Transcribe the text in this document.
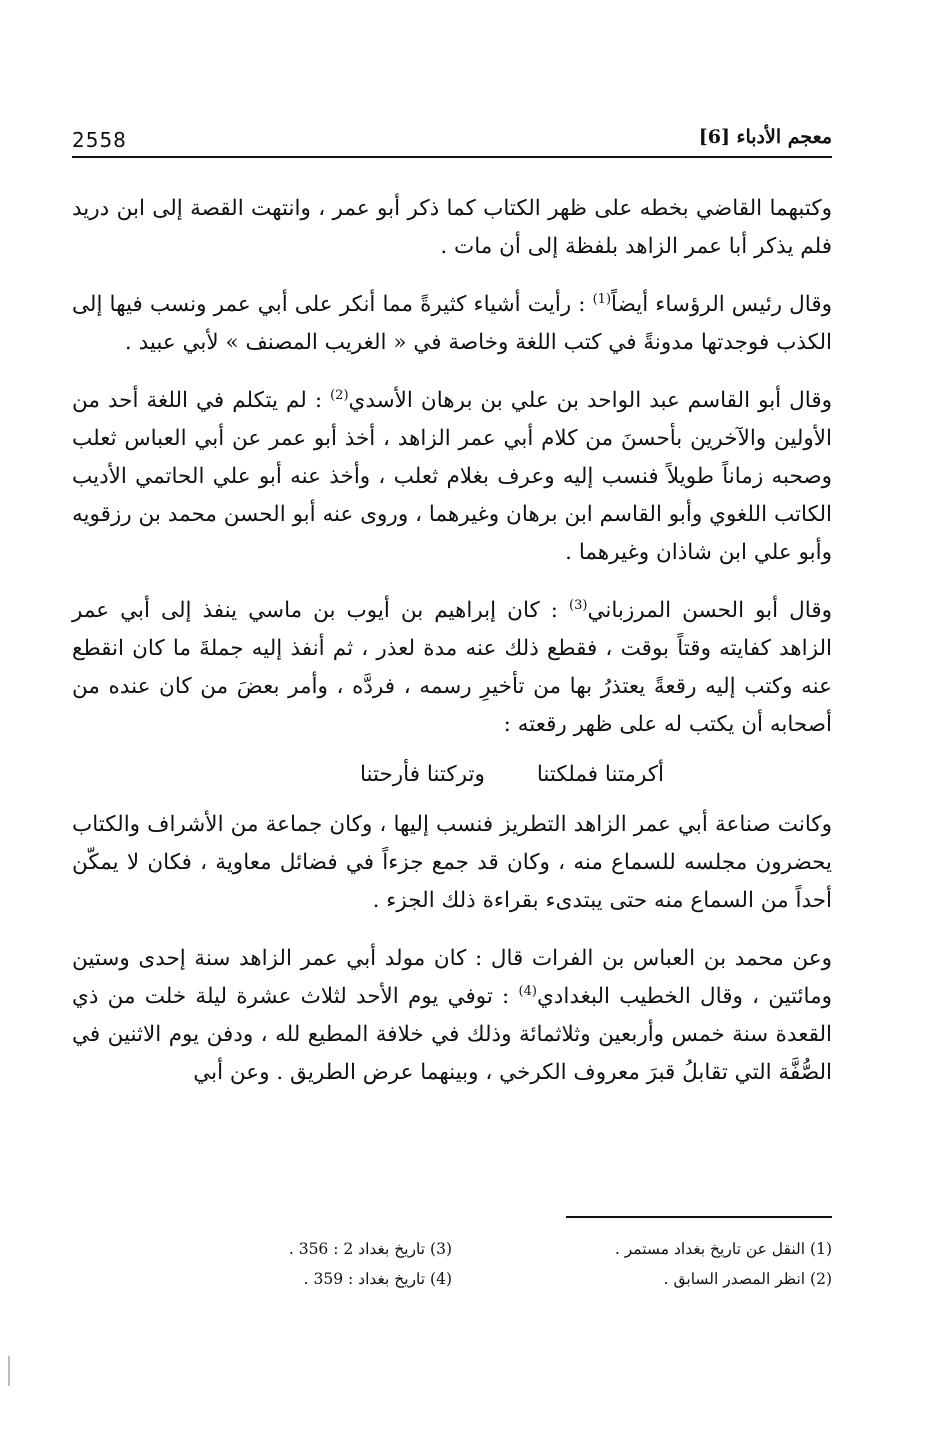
2558	معجم الأدباء [6]

وكتبهما القاضي بخطه على ظهر الكتاب كما ذكر أبو عمر ، وانتهت القصة إلى ابن دريد فلم يذكر أبا عمر الزاهد بلفظة إلى أن مات .

وقال رئيس الرؤساء أيضاً$^{(1)}$ : رأيت أشياء كثيرةً مما أنكر على أبي عمر ونسب فيها إلى الكذب فوجدتها مدونةً في كتب اللغة وخاصة في « الغريب المصنف » لأبي عبيد .

وقال أبو القاسم عبد الواحد بن علي بن برهان الأسدي$^{(2)}$ : لم يتكلم في اللغة أحد من الأولين والآخرين بأحسنَ من كلام أبي عمر الزاهد ، أخذ أبو عمر عن أبي العباس ثعلب وصحبه زماناً طويلاً فنسب إليه وعرف بغلام ثعلب ، وأخذ عنه أبو علي الحاتمي الأديب الكاتب اللغوي وأبو القاسم ابن برهان وغيرهما ، وروى عنه أبو الحسن محمد بن رزقويه وأبو علي ابن شاذان وغيرهما .

وقال أبو الحسن المرزباني$^{(3)}$ : كان إبراهيم بن أيوب بن ماسي ينفذ إلى أبي عمر الزاهد كفايته وقتاً بوقت ، فقطع ذلك عنه مدة لعذر ، ثم أنفذ إليه جملةَ ما كان انقطع عنه وكتب إليه رقعةً يعتذرُ بها من تأخيرِ رسمه ، فردَّه ، وأمر بعضَ من كان عنده من أصحابه أن يكتب له على ظهر رقعته :

أكرمتنا فملكتنا
وتركتنا فأرحتنا

وكانت صناعة أبي عمر الزاهد التطريز فنسب إليها ، وكان جماعة من الأشراف والكتاب يحضرون مجلسه للسماع منه ، وكان قد جمع جزءاً في فضائل معاوية ، فكان لا يمكّن أحداً من السماع منه حتى يبتدىء بقراءة ذلك الجزء .

وعن محمد بن العباس بن الفرات قال : كان مولد أبي عمر الزاهد سنة إحدى وستين ومائتين ، وقال الخطيب البغدادي$^{(4)}$ : توفي يوم الأحد لثلاث عشرة ليلة خلت من ذي القعدة سنة خمس وأربعين وثلاثمائة وذلك في خلافة المطيع لله ، ودفن يوم الاثنين في الصُّفَّة التي تقابلُ قبرَ معروف الكرخي ، وبينهما عرض الطريق . وعن أبي

(1) النقل عن تاريخ بغداد مستمر .
(2) انظر المصدر السابق .
(3) تاريخ بغداد 2 : 356 .
(4) تاريخ بغداد : 359 .
